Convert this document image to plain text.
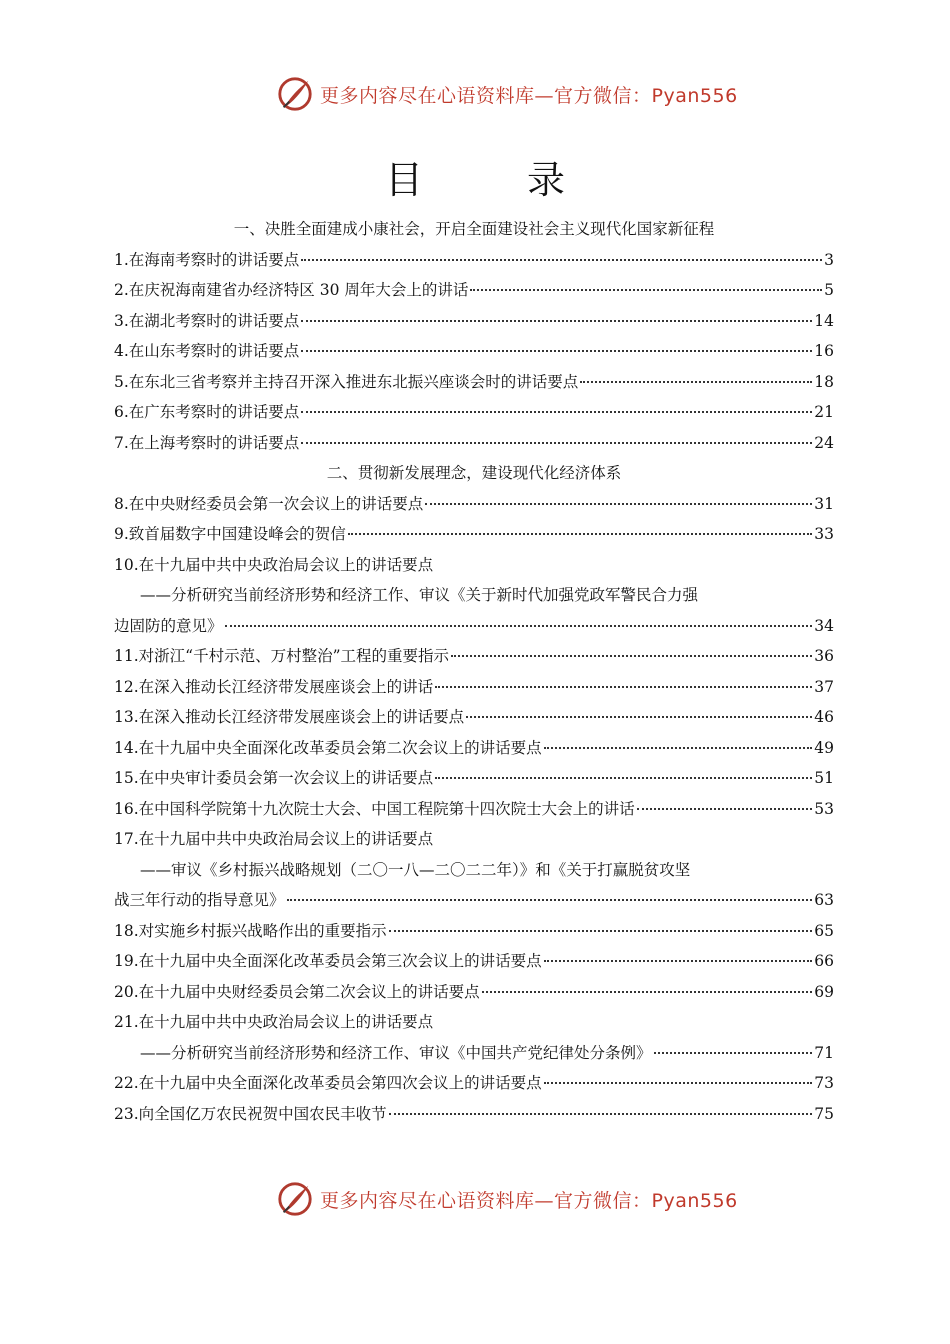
更多内容尽在心语资料库—官方微信：Pyan556
目 录
一、决胜全面建成小康社会，开启全面建设社会主义现代化国家新征程
1.在海南考察时的讲话要点	3
2.在庆祝海南建省办经济特区 30 周年大会上的讲话	5
3.在湖北考察时的讲话要点	14
4.在山东考察时的讲话要点	16
5.在东北三省考察并主持召开深入推进东北振兴座谈会时的讲话要点	18
6.在广东考察时的讲话要点	21
7.在上海考察时的讲话要点	24
二、贯彻新发展理念，建设现代化经济体系
8.在中央财经委员会第一次会议上的讲话要点	31
9.致首届数字中国建设峰会的贺信	33
10.在十九届中共中央政治局会议上的讲话要点
——分析研究当前经济形势和经济工作、审议《关于新时代加强党政军警民合力强
边固防的意见》	34
11.对浙江“千村示范、万村整治”工程的重要指示	36
12.在深入推动长江经济带发展座谈会上的讲话	37
13.在深入推动长江经济带发展座谈会上的讲话要点	46
14.在十九届中央全面深化改革委员会第二次会议上的讲话要点	49
15.在中央审计委员会第一次会议上的讲话要点	51
16.在中国科学院第十九次院士大会、中国工程院第十四次院士大会上的讲话	53
17.在十九届中共中央政治局会议上的讲话要点
——审议《乡村振兴战略规划（二〇一八—二〇二二年）》和《关于打赢脱贫攻坚
战三年行动的指导意见》	63
18.对实施乡村振兴战略作出的重要指示	65
19.在十九届中央全面深化改革委员会第三次会议上的讲话要点	66
20.在十九届中央财经委员会第二次会议上的讲话要点	69
21.在十九届中共中央政治局会议上的讲话要点
——分析研究当前经济形势和经济工作、审议《中国共产党纪律处分条例》	71
22.在十九届中央全面深化改革委员会第四次会议上的讲话要点	73
23.向全国亿万农民祝贺中国农民丰收节	75
更多内容尽在心语资料库—官方微信：Pyan556
